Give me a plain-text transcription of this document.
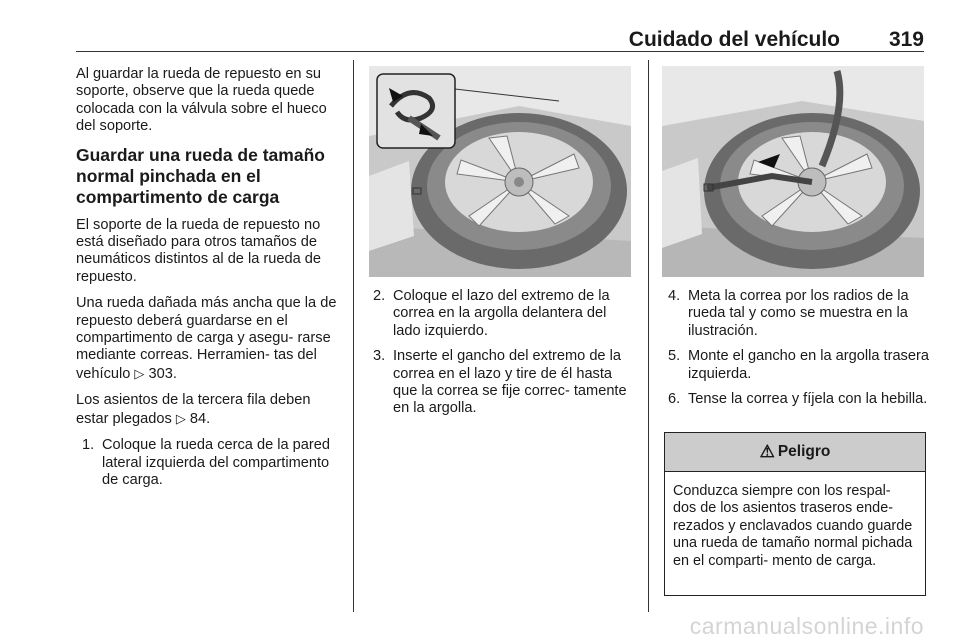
Cuidado del vehículo 319

Al guardar la rueda de repuesto en su soporte, observe que la rueda quede colocada con la válvula sobre el hueco del soporte.

Guardar una rueda de tamaño normal pinchada en el compartimento de carga

El soporte de la rueda de repuesto no está diseñado para otros tamaños de neumáticos distintos al de la rueda de repuesto.

Una rueda dañada más ancha que la de repuesto deberá guardarse en el compartimento de carga y asegu- rarse mediante correas. Herramien- tas del vehículo ▷ 303.

Los asientos de la tercera fila deben estar plegados ▷ 84.

1. Coloque la rueda cerca de la pared lateral izquierda del compartimento de carga.
2. Coloque el lazo del extremo de la correa en la argolla delantera del lado izquierdo.
3. Inserte el gancho del extremo de la correa en el lazo y tire de él hasta que la correa se fije correc- tamente en la argolla.
4. Meta la correa por los radios de la rueda tal y como se muestra en la ilustración.
5. Monte el gancho en la argolla trasera izquierda.
6. Tense la correa y fíjela con la hebilla.
⚠ Peligro
Conduzca siempre con los respal- dos de los asientos traseros ende- rezados y enclavados cuando guarde una rueda de tamaño normal pichada en el comparti- mento de carga.
carmanualsonline.info
